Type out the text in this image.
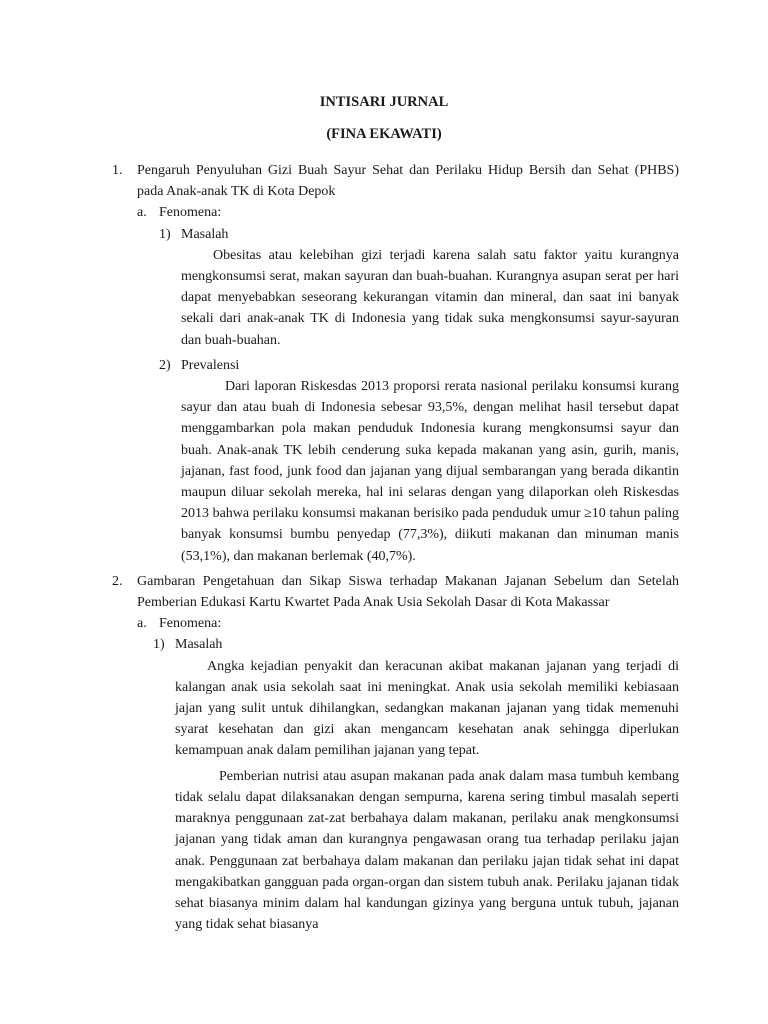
INTISARI JURNAL
(FINA EKAWATI)
1. Pengaruh Penyuluhan Gizi Buah Sayur Sehat dan Perilaku Hidup Bersih dan Sehat (PHBS) pada Anak-anak TK di Kota Depok
a. Fenomena:
1) Masalah
Obesitas atau kelebihan gizi terjadi karena salah satu faktor yaitu kurangnya mengkonsumsi serat, makan sayuran dan buah-buahan. Kurangnya asupan serat per hari dapat menyebabkan seseorang kekurangan vitamin dan mineral, dan saat ini banyak sekali dari anak-anak TK di Indonesia yang tidak suka mengkonsumsi sayur-sayuran dan buah-buahan.
2) Prevalensi
Dari laporan Riskesdas 2013 proporsi rerata nasional perilaku konsumsi kurang sayur dan atau buah di Indonesia sebesar 93,5%, dengan melihat hasil tersebut dapat menggambarkan pola makan penduduk Indonesia kurang mengkonsumsi sayur dan buah. Anak-anak TK lebih cenderung suka kepada makanan yang asin, gurih, manis, jajanan, fast food, junk food dan jajanan yang dijual sembarangan yang berada dikantin maupun diluar sekolah mereka, hal ini selaras dengan yang dilaporkan oleh Riskesdas 2013 bahwa perilaku konsumsi makanan berisiko pada penduduk umur ≥10 tahun paling banyak konsumsi bumbu penyedap (77,3%), diikuti makanan dan minuman manis (53,1%), dan makanan berlemak (40,7%).
2. Gambaran Pengetahuan dan Sikap Siswa terhadap Makanan Jajanan Sebelum dan Setelah Pemberian Edukasi Kartu Kwartet Pada Anak Usia Sekolah Dasar di Kota Makassar
a. Fenomena:
1) Masalah
Angka kejadian penyakit dan keracunan akibat makanan jajanan yang terjadi di kalangan anak usia sekolah saat ini meningkat. Anak usia sekolah memiliki kebiasaan jajan yang sulit untuk dihilangkan, sedangkan makanan jajanan yang tidak memenuhi syarat kesehatan dan gizi akan mengancam kesehatan anak sehingga diperlukan kemampuan anak dalam pemilihan jajanan yang tepat.
Pemberian nutrisi atau asupan makanan pada anak dalam masa tumbuh kembang tidak selalu dapat dilaksanakan dengan sempurna, karena sering timbul masalah seperti maraknya penggunaan zat-zat berbahaya dalam makanan, perilaku anak mengkonsumsi jajanan yang tidak aman dan kurangnya pengawasan orang tua terhadap perilaku jajan anak. Penggunaan zat berbahaya dalam makanan dan perilaku jajan tidak sehat ini dapat mengakibatkan gangguan pada organ-organ dan sistem tubuh anak. Perilaku jajanan tidak sehat biasanya minim dalam hal kandungan gizinya yang berguna untuk tubuh, jajanan yang tidak sehat biasanya
